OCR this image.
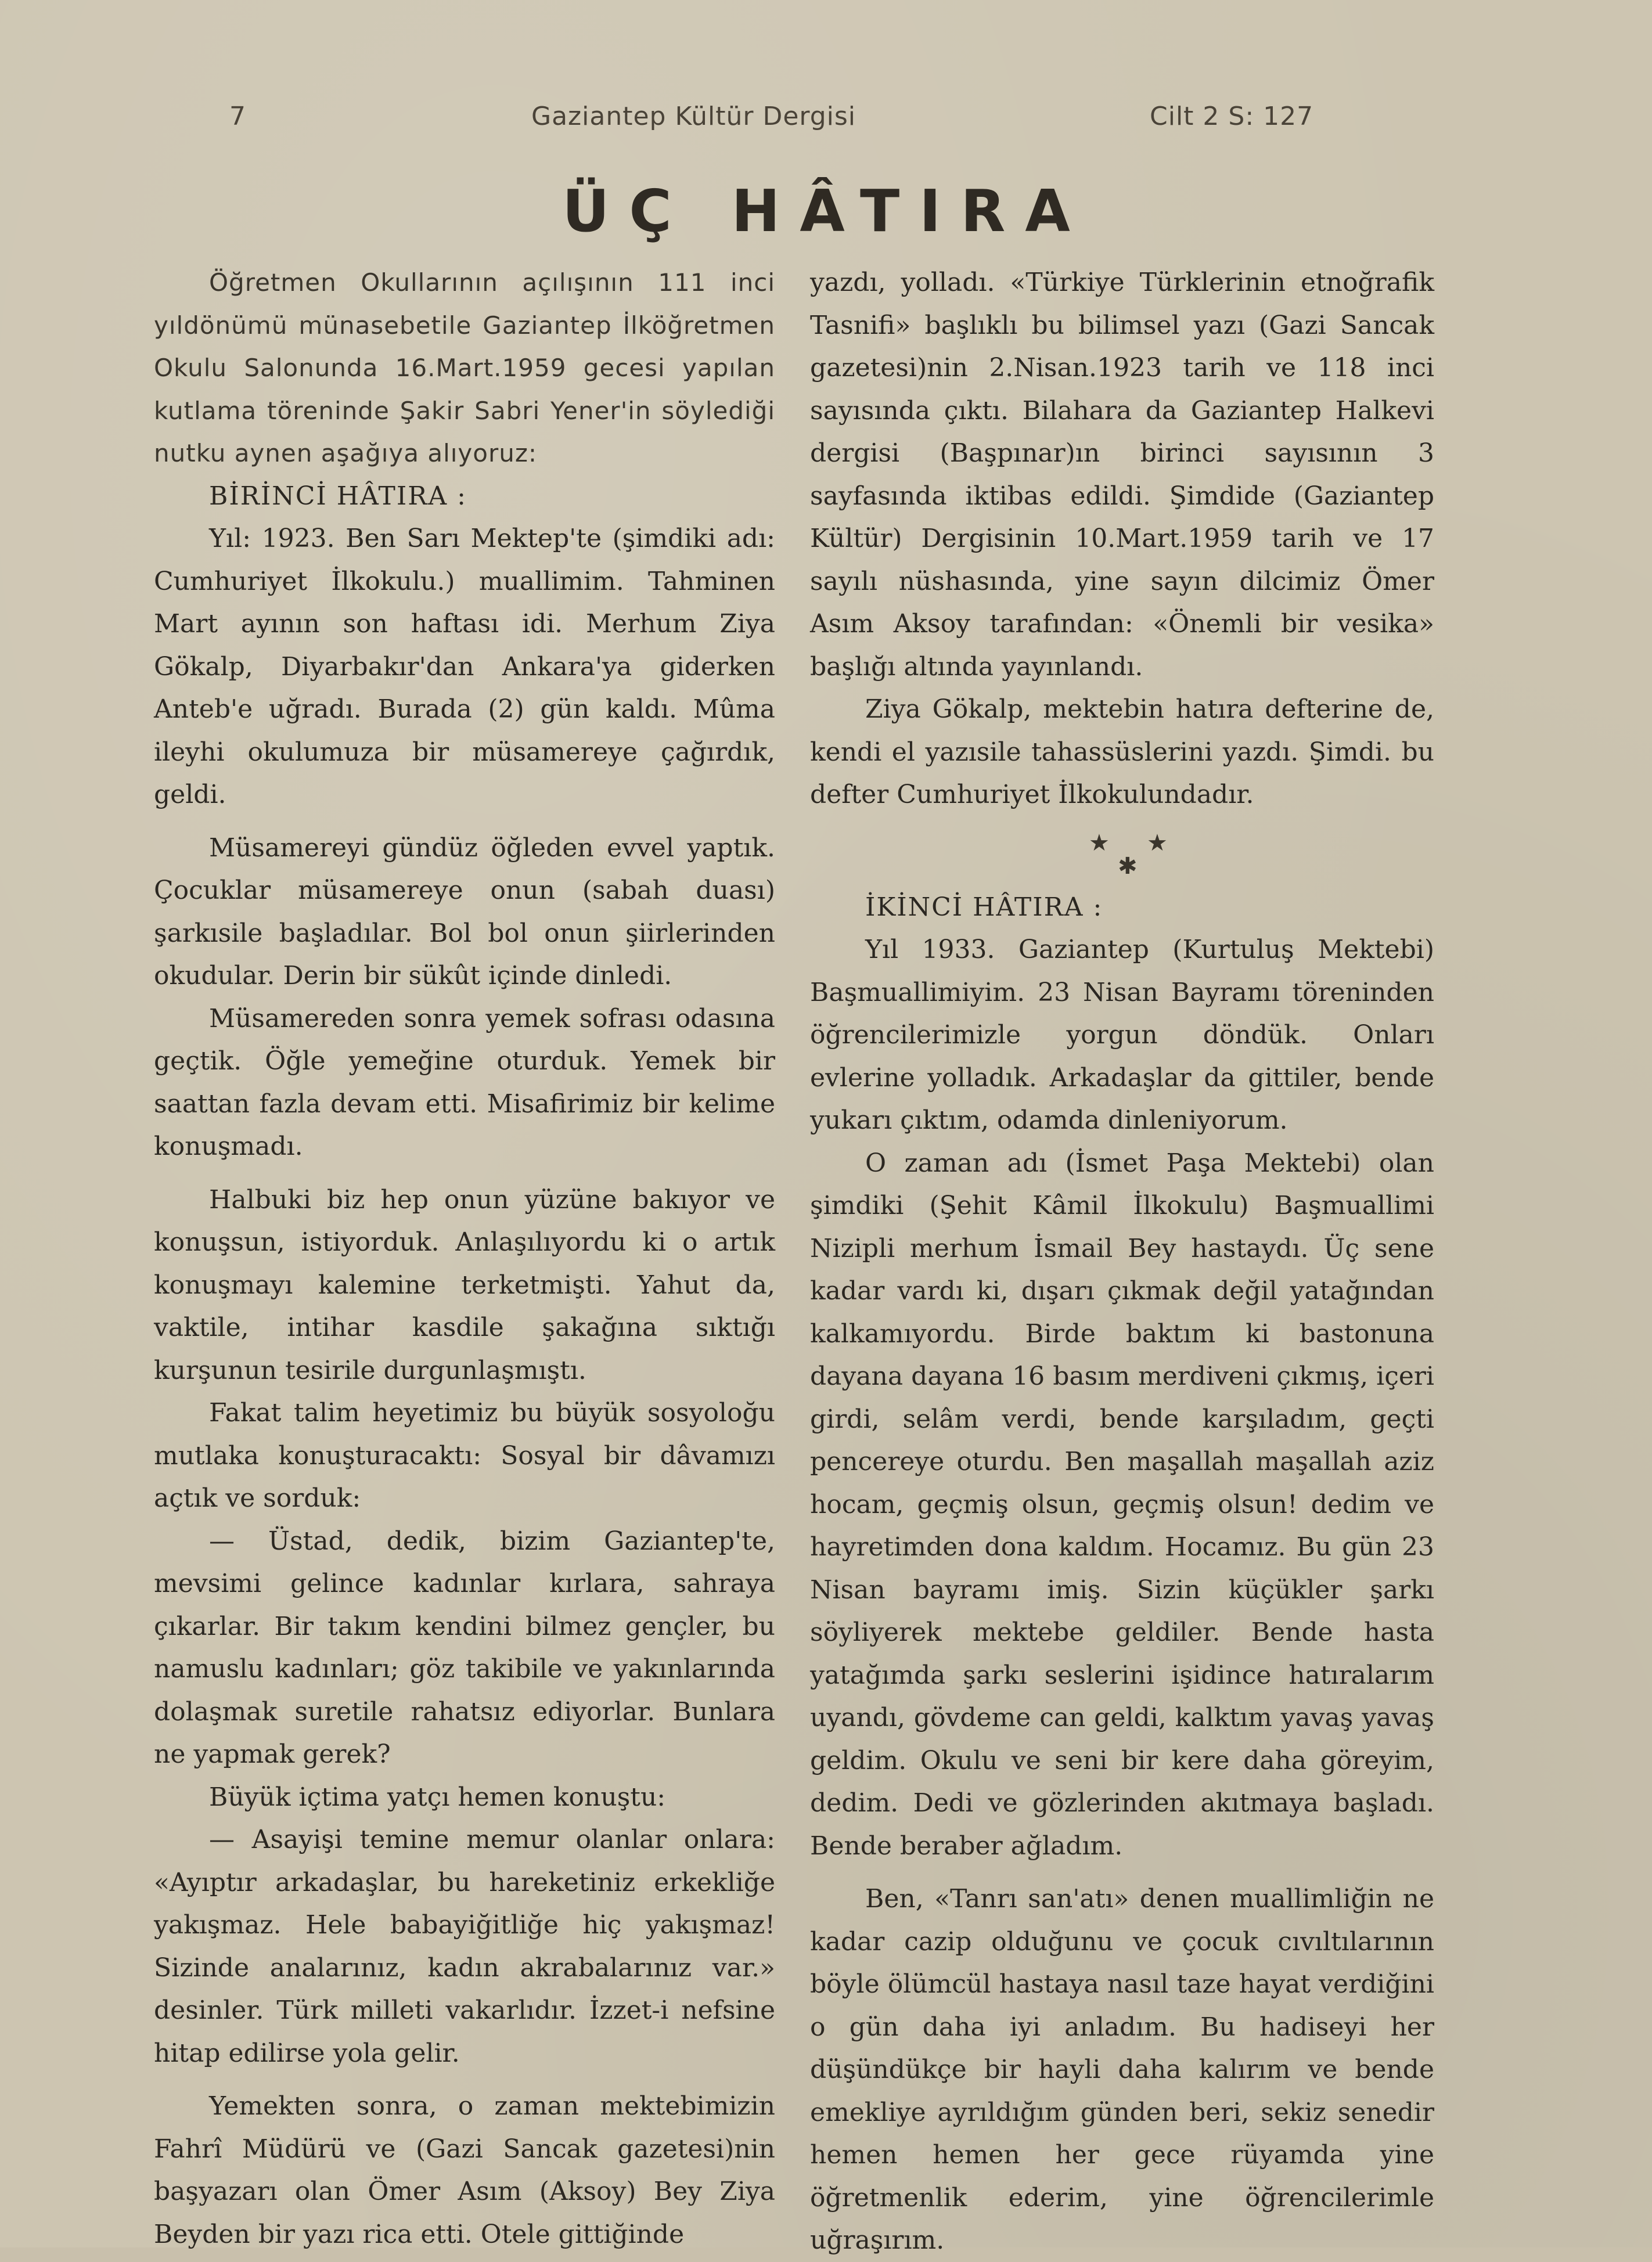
7	Gaziantep Kültür Dergisi	Cilt 2 S: 127
ÜÇ HÂTIRA

Öğretmen Okullarının açılışının 111 inci yıldönümü münasebetile Gaziantep İlköğretmen Okulu Salonunda 16.Mart.1959 gecesi yapılan kutlama töreninde Şakir Sabri Yener'in söylediği nutku aynen aşağıya alıyoruz:

BİRİNCİ HÂTIRA :

Yıl: 1923. Ben Sarı Mektep'te (şimdiki adı: Cumhuriyet İlkokulu.) muallimim. Tahminen Mart ayının son haftası idi. Merhum Ziya Gökalp, Diyarbakır'dan Ankara'ya giderken Anteb'e uğradı. Burada (2) gün kaldı. Mûma ileyhi okulumuza bir müsamereye çağırdık, geldi.

Müsamereyi gündüz öğleden evvel yaptık. Çocuklar müsamereye onun (sabah duası) şarkısile başladılar. Bol bol onun şiirlerinden okudular. Derin bir sükût içinde dinledi.

Müsamereden sonra yemek sofrası odasına geçtik. Öğle yemeğine oturduk. Yemek bir saattan fazla devam etti. Misafirimiz bir kelime konuşmadı.

Halbuki biz hep onun yüzüne bakıyor ve konuşsun, istiyorduk. Anlaşılıyordu ki o artık konuşmayı kalemine terketmişti. Yahut da, vaktile, intihar kasdile şakağına sıktığı kurşunun tesirile durgunlaşmıştı.

Fakat talim heyetimiz bu büyük sosyoloğu mutlaka konuşturacaktı: Sosyal bir dâvamızı açtık ve sorduk:

— Üstad, dedik, bizim Gaziantep'te, mevsimi gelince kadınlar kırlara, sahraya çıkarlar. Bir takım kendini bilmez gençler, bu namuslu kadınları; göz takibile ve yakınlarında dolaşmak suretile rahatsız ediyorlar. Bunlara ne yapmak gerek?

Büyük içtima yatçı hemen konuştu:

— Asayişi temine memur olanlar onlara: «Ayıptır arkadaşlar, bu hareketiniz erkekliğe yakışmaz. Hele babayiğitliğe hiç yakışmaz! Sizinde analarınız, kadın akrabalarınız var.» desinler. Türk milleti vakarlıdır. İzzet-i nefsine hitap edilirse yola gelir.

Yemekten sonra, o zaman mektebimizin Fahrî Müdürü ve (Gazi Sancak gazetesi)nin başyazarı olan Ömer Asım (Aksoy) Bey Ziya Beyden bir yazı rica etti. Otele gittiğinde

yazdı, yolladı. «Türkiye Türklerinin etnoğrafik Tasnifi» başlıklı bu bilimsel yazı (Gazi Sancak gazetesi)nin 2.Nisan.1923 tarih ve 118 inci sayısında çıktı. Bilahara da Gaziantep Halkevi dergisi (Başpınar)ın birinci sayısının 3 sayfasında iktibas edildi. Şimdide (Gaziantep Kültür) Dergisinin 10.Mart.1959 tarih ve 17 sayılı nüshasında, yine sayın dilcimiz Ömer Asım Aksoy tarafından: «Önemli bir vesika» başlığı altında yayınlandı.

Ziya Gökalp, mektebin hatıra defterine de, kendi el yazısile tahassüslerini yazdı. Şimdi. bu defter Cumhuriyet İlkokulundadır.

★ ★
✱

İKİNCİ HÂTIRA :

Yıl 1933. Gaziantep (Kurtuluş Mektebi) Başmuallimiyim. 23 Nisan Bayramı töreninden öğrencilerimizle yorgun döndük. Onları evlerine yolladık. Arkadaşlar da gittiler, bende yukarı çıktım, odamda dinleniyorum.

O zaman adı (İsmet Paşa Mektebi) olan şimdiki (Şehit Kâmil İlkokulu) Başmuallimi Nizipli merhum İsmail Bey hastaydı. Üç sene kadar vardı ki, dışarı çıkmak değil yatağından kalkamıyordu. Birde baktım ki bastonuna dayana dayana 16 basım merdiveni çıkmış, içeri girdi, selâm verdi, bende karşıladım, geçti pencereye oturdu. Ben maşallah maşallah aziz hocam, geçmiş olsun, geçmiş olsun! dedim ve hayretimden dona kaldım. Hocamız. Bu gün 23 Nisan bayramı imiş. Sizin küçükler şarkı söyliyerek mektebe geldiler. Bende hasta yatağımda şarkı seslerini işidince hatıralarım uyandı, gövdeme can geldi, kalktım yavaş yavaş geldim. Okulu ve seni bir kere daha göreyim, dedim. Dedi ve gözlerinden akıtmaya başladı. Bende beraber ağladım.

Ben, «Tanrı san'atı» denen muallimliğin ne kadar cazip olduğunu ve çocuk cıvıltılarının böyle ölümcül hastaya nasıl taze hayat verdiğini o gün daha iyi anladım. Bu hadiseyi her düşündükçe bir hayli daha kalırım ve bende emekliye ayrıldığım günden beri, sekiz senedir hemen hemen her gece rüyamda yine öğretmenlik ederim, yine öğrencilerimle uğraşırım.
